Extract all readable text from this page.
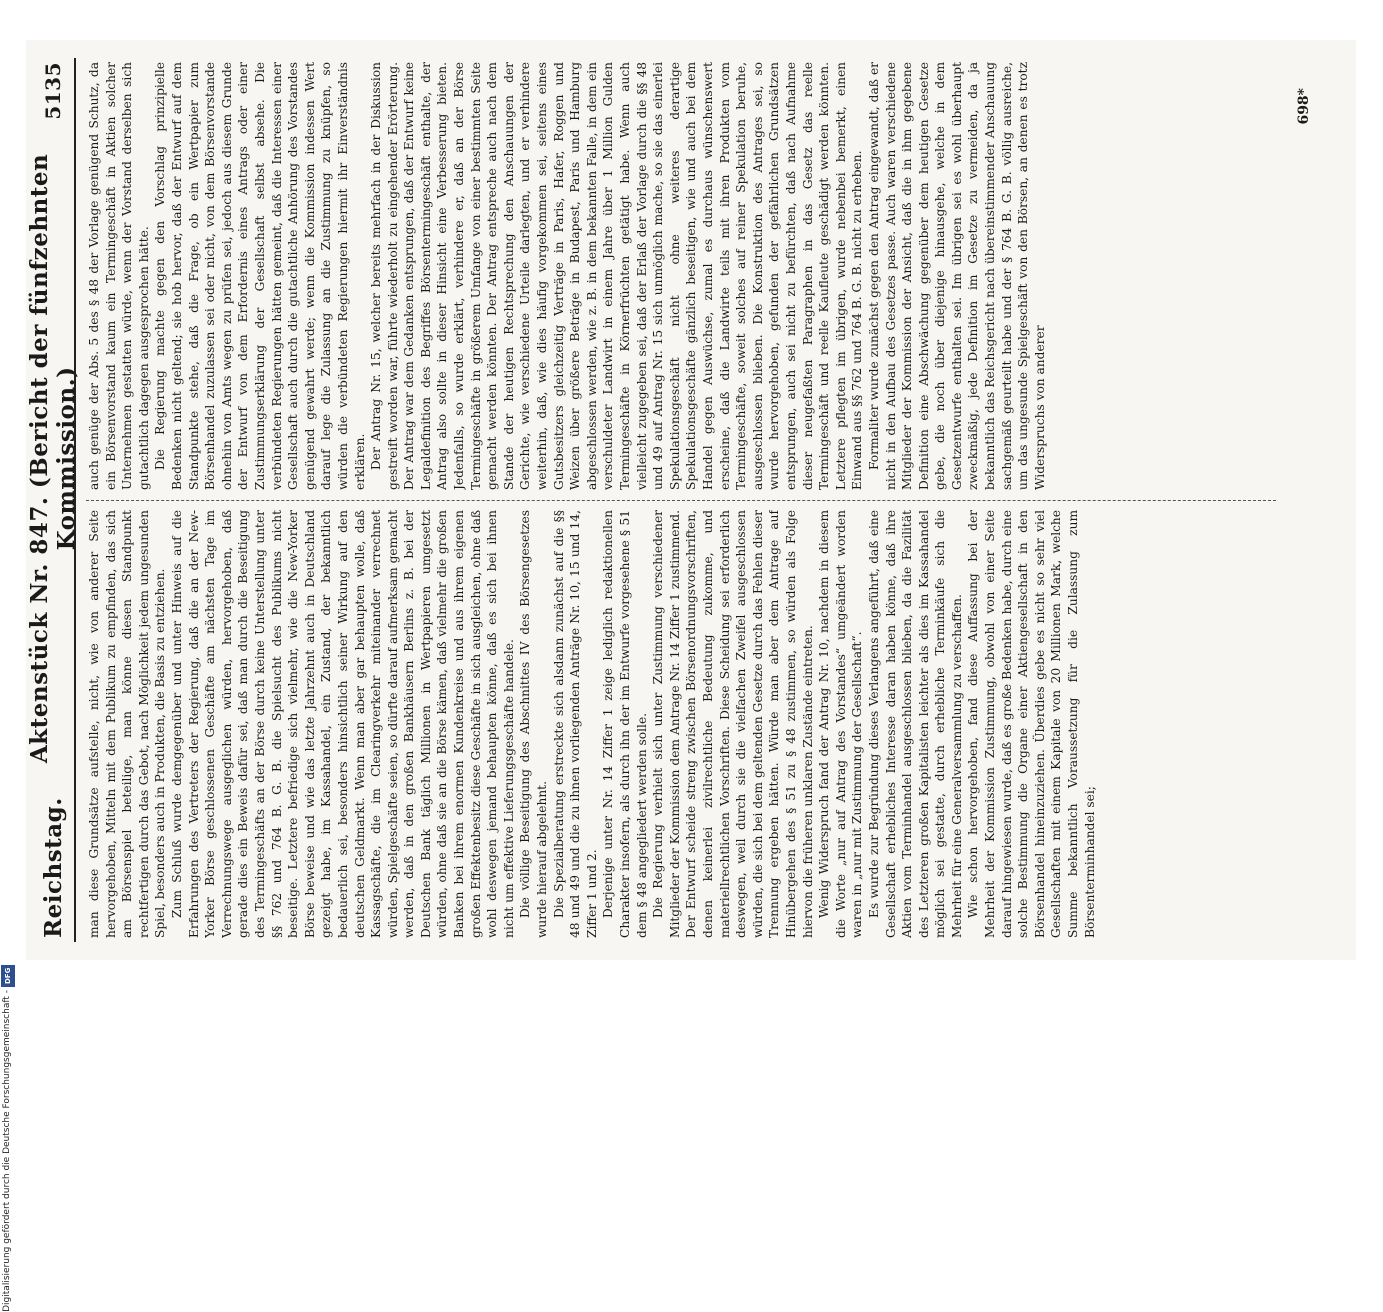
DFG
Digitalisierung gefördert durch die Deutsche Forschungsgemeinschaft -
Reichstag.
Aktenstück Nr. 847. (Bericht der fünfzehnten Kommission.)
5135

man diese Grundsätze aufstelle, nicht, wie von anderer Seite hervorgehoben, Mitteln mit dem Publikum zu empfinden, das sich am Börsenspiel beteilige, man könne diesen Standpunkt rechtfertigen durch das Gebot, nach Möglichkeit jedem ungesunden Spiel, besonders auch in Produkten, die Basis zu entziehen. Zum Schluß wurde demgegenüber und unter Hinweis auf die Erfahrungen des Vertreters der Regierung, daß die an der New-Yorker Börse geschlossenen Geschäfte am nächsten Tage im Verrechnungswege ausgeglichen würden, hervorgehoben, daß gerade dies ein Beweis dafür sei, daß man durch die Beseitigung des Termingeschäfts an der Börse durch keine Unterstellung unter §§ 762 und 764 B. G. B. die Spielsucht des Publikums nicht beseitige. Letztere befriedige sich vielmehr, wie die New-Yorker Börse beweise und wie das letzte Jahrzehnt auch in Deutschland gezeigt habe, im Kassahandel, ein Zustand, der bekanntlich bedauerlich sei, besonders hinsichtlich seiner Wirkung auf den deutschen Geldmarkt. Wenn man aber gar behaupten wolle, daß Kassagschäfte, die im Clearingverkehr miteinander verrechnet würden, Spielgeschäfte seien, so dürfte darauf aufmerksam gemacht werden, daß in den großen Bankhäusern Berlins z. B. bei der Deutschen Bank täglich Millionen in Wertpapieren umgesetzt würden, ohne daß sie an die Börse kämen, daß vielmehr die großen Banken bei ihrem enormen Kundenkreise und aus ihrem eigenen großen Effektenbesitz diese Geschäfte in sich ausgleichen, ohne daß wohl deswegen jemand behaupten könne, daß es sich bei ihnen nicht um effektive Lieferungsgeschäfte handele. Die völlige Beseitigung des Abschnittes IV des Börsengesetzes wurde hierauf abgelehnt. Die Spezialberatung erstreckte sich alsdann zunächst auf die §§ 48 und 49 und die zu ihnen vorliegenden Anträge Nr. 10, 15 und 14, Ziffer 1 und 2. Derjenige unter Nr. 14 Ziffer 1 zeige lediglich redaktionellen Charakter insofern, als durch ihn der im Entwurfe vorgesehene § 51 dem § 48 angegliedert werden solle. Die Regierung verhielt sich unter Zustimmung verschiedener Mitglieder der Kommission dem Antrage Nr. 14 Ziffer 1 zustimmend. Der Entwurf scheide streng zwischen Börsenordnungsvorschriften, denen keinerlei zivilrechtliche Bedeutung zukomme, und materiellrechtlichen Vorschriften. Diese Scheidung sei erforderlich deswegen, weil durch sie die vielfachen Zweifel ausgeschlossen würden, die sich bei dem geltenden Gesetze durch das Fehlen dieser Trennung ergeben hätten. Würde man aber dem Antrage auf Hinübergehen des § 51 zu § 48 zustimmen, so würden als Folge hiervon die früheren unklaren Zustände eintreten. Wenig Widerspruch fand der Antrag Nr. 10, nachdem in diesem die Worte „nur auf Antrag des Vorstandes“ umgeändert worden waren in „nur mit Zustimmung der Gesellschaft“. Es wurde zur Begründung dieses Verlangens angeführt, daß eine Gesellschaft erhebliches Interesse daran haben könne, daß ihre Aktien vom Terminhandel ausgeschlossen blieben, da die Fazilität des Letzteren großen Kapitalisten leichter als dies im Kassahandel möglich sei gestatte, durch erhebliche Terminkäufe sich die Mehrheit für eine Generalversammlung zu verschaffen. Wie schon hervorgehoben, fand diese Auffassung bei der Mehrheit der Kommission Zustimmung, obwohl von einer Seite darauf hingewiesen wurde, daß es große Bedenken habe, durch eine solche Bestimmung die Organe einer Aktiengesellschaft in den Börsenhandel hineinzuziehen. Überdies gebe es nicht so sehr viel Gesellschaften mit einem Kapitale von 20 Millionen Mark, welche Summe bekanntlich Voraussetzung für die Zulassung zum Börsenterminhandel sei;

auch genüge der Abs. 5 des § 48 der Vorlage genügend Schutz, da ein Börsenvorstand kaum ein Termingeschäft in Aktien solcher Unternehmen gestatten würde, wenn der Vorstand derselben sich gutachtlich dagegen ausgesprochen hätte. Die Regierung machte gegen den Vorschlag prinzipielle Bedenken nicht geltend; sie hob hervor, daß der Entwurf auf dem Standpunkte stehe, daß die Frage, ob ein Wertpapier zum Börsenhandel zuzulassen sei oder nicht, von dem Börsenvorstande ohnehin von Amts wegen zu prüfen sei, jedoch aus diesem Grunde der Entwurf von dem Erfordernis eines Antrags oder einer Zustimmungserklärung der Gesellschaft selbst absehe. Die verbündeten Regierungen hätten gemeint, daß die Interessen einer Gesellschaft auch durch die gutachtliche Anhörung des Vorstandes genügend gewahrt werde; wenn die Kommission indessen Wert darauf lege die Zulassung an die Zustimmung zu knüpfen, so würden die verbündeten Regierungen hiermit ihr Einverständnis erklären. Der Antrag Nr. 15, welcher bereits mehrfach in der Diskussion gestreift worden war, führte wiederholt zu eingehender Erörterung. Der Antrag war dem Gedanken entsprungen, daß der Entwurf keine Legaldefinition des Begriffes Börsentermingeschäft enthalte, der Antrag also sollte in dieser Hinsicht eine Verbesserung bieten. Jedenfalls, so wurde erklärt, verhindere er, daß an der Börse Termingeschäfte in größerem Umfange von einer bestimmten Seite gemacht werden könnten. Der Antrag entspreche auch nach dem Stande der heutigen Rechtsprechung den Anschauungen der Gerichte, wie verschiedene Urteile darlegten, und er verhindere weiterhin, daß, wie dies häufig vorgekommen sei, seitens eines Gutsbesitzers gleichzeitig Verträge in Paris, Hafer, Roggen und Weizen über größere Beträge in Budapest, Paris und Hamburg abgeschlossen werden, wie z. B. in dem bekannten Falle, in dem ein verschuldeter Landwirt in einem Jahre über 1 Million Gulden Termingeschäfte in Körnerfrüchten getätigt habe. Wenn auch vielleicht zugegeben sei, daß der Erlaß der Vorlage durch die §§ 48 und 49 auf Antrag Nr. 15 sich unmöglich mache, so sie das einerlei Spekulationsgeschäft nicht ohne weiteres derartige Spekulationsgeschäfte gänzlich beseitigen, wie und auch bei dem Handel gegen Auswüchse, zumal es durchaus wünschenswert erscheine, daß die Landwirte teils mit ihren Produkten vom Termingeschäfte, soweit solches auf reiner Spekulation beruhe, ausgeschlossen blieben. Die Konstruktion des Antrages sei, so wurde hervorgehoben, gefunden der gefährlichen Grundsätzen entsprungen, auch sei nicht zu befürchten, daß nach Aufnahme dieser neugefaßten Paragraphen in das Gesetz das reelle Termingeschäft und reelle Kaufleute geschädigt werden könnten. Letztere pflegten im übrigen, wurde nebenbei bemerkt, einen Einwand aus §§ 762 und 764 B. G. B. nicht zu erheben. Formaliter wurde zunächst gegen den Antrag eingewandt, daß er nicht in den Aufbau des Gesetzes passe. Auch waren verschiedene Mitglieder der Kommission der Ansicht, daß die in ihm gegebene Definition eine Abschwächung gegenüber dem heutigen Gesetze gebe, die noch über diejenige hinausgehe, welche in dem Gesetzentwurfe enthalten sei. Im übrigen sei es wohl überhaupt zweckmäßig, jede Definition im Gesetze zu vermeiden, da ja bekanntlich das Reichsgericht nach übereinstimmender Anschauung sachgemäß geurteilt habe und der § 764 B. G. B. völlig ausreiche, um das ungesunde Spielgeschäft von den Börsen, an denen es trotz Widerspruchs von anderer

698*
